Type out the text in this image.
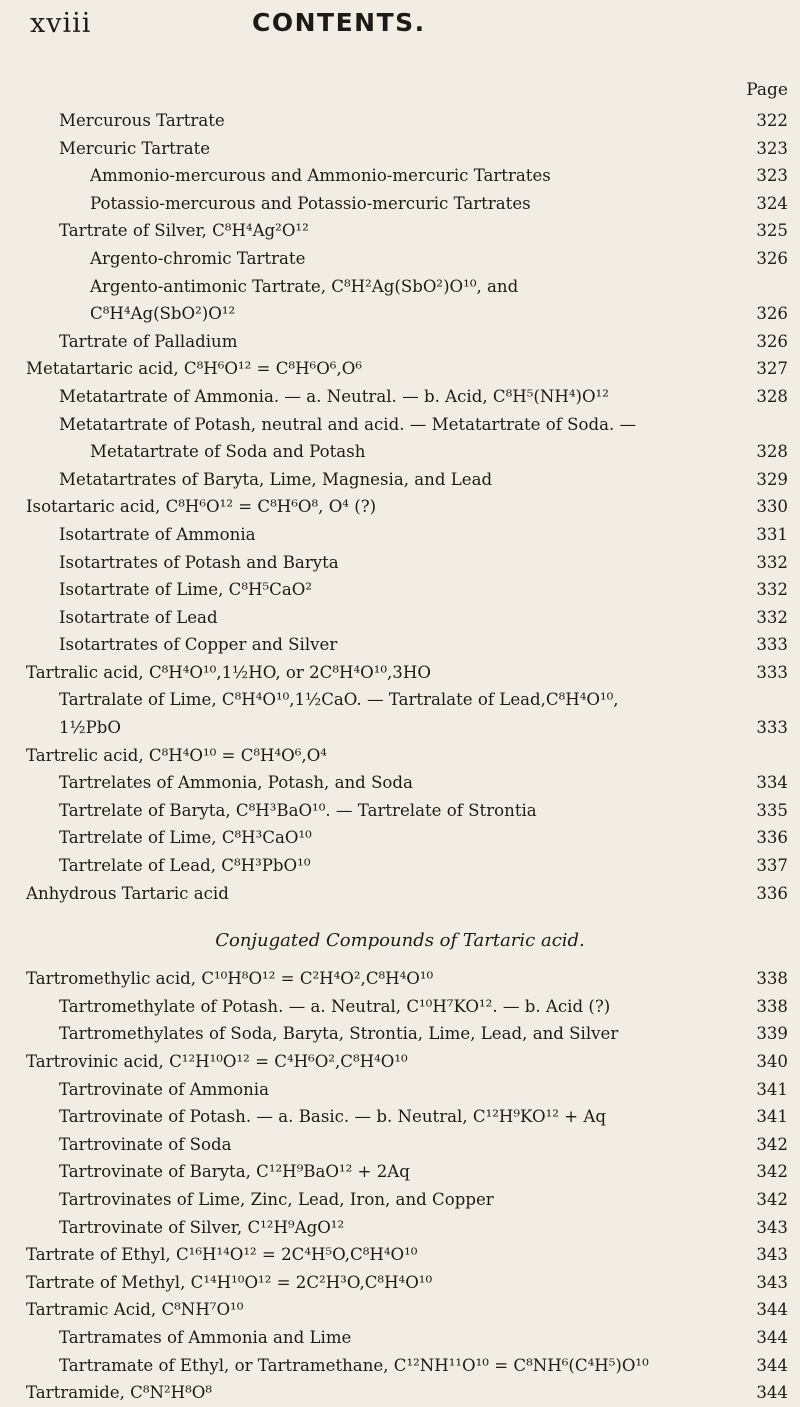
xviii	CONTENTS.
Page
Mercurous Tartrate	322
Mercuric Tartrate	323
Ammonio-mercurous and Ammonio-mercuric Tartrates	323
Potassio-mercurous and Potassio-mercuric Tartrates	324
Tartrate of Silver, C⁸H⁴Ag²O¹²	325
Argento-chromic Tartrate	326
Argento-antimonic Tartrate, C⁸H²Ag(SbO²)O¹⁰, and
C⁸H⁴Ag(SbO²)O¹²	326
Tartrate of Palladium	326
Metatartaric acid, C⁸H⁶O¹² = C⁸H⁶O⁶,O⁶	327
Metatartrate of Ammonia. — a. Neutral. — b. Acid, C⁸H⁵(NH⁴)O¹²	328
Metatartrate of Potash, neutral and acid. — Metatartrate of Soda. —
Metatartrate of Soda and Potash	328
Metatartrates of Baryta, Lime, Magnesia, and Lead	329
Isotartaric acid, C⁸H⁶O¹² = C⁸H⁶O⁸, O⁴ (?)	330
Isotartrate of Ammonia	331
Isotartrates of Potash and Baryta	332
Isotartrate of Lime, C⁸H⁵CaO²	332
Isotartrate of Lead	332
Isotartrates of Copper and Silver	333
Tartralic acid, C⁸H⁴O¹⁰,1½HO, or 2C⁸H⁴O¹⁰,3HO	333
Tartralate of Lime, C⁸H⁴O¹⁰,1½CaO. — Tartralate of Lead,C⁸H⁴O¹⁰,
1½PbO	333
Tartrelic acid, C⁸H⁴O¹⁰ = C⁸H⁴O⁶,O⁴
Tartrelates of Ammonia, Potash, and Soda	334
Tartrelate of Baryta, C⁸H³BaO¹⁰. — Tartrelate of Strontia	335
Tartrelate of Lime, C⁸H³CaO¹⁰	336
Tartrelate of Lead, C⁸H³PbO¹⁰	337
Anhydrous Tartaric acid	336
Conjugated Compounds of Tartaric acid.
Tartromethylic acid, C¹⁰H⁸O¹² = C²H⁴O²,C⁸H⁴O¹⁰	338
Tartromethylate of Potash. — a. Neutral, C¹⁰H⁷KO¹². — b. Acid (?)	338
Tartromethylates of Soda, Baryta, Strontia, Lime, Lead, and Silver	339
Tartrovinic acid, C¹²H¹⁰O¹² = C⁴H⁶O²,C⁸H⁴O¹⁰	340
Tartrovinate of Ammonia	341
Tartrovinate of Potash. — a. Basic. — b. Neutral, C¹²H⁹KO¹² + Aq	341
Tartrovinate of Soda	342
Tartrovinate of Baryta, C¹²H⁹BaO¹² + 2Aq	342
Tartrovinates of Lime, Zinc, Lead, Iron, and Copper	342
Tartrovinate of Silver, C¹²H⁹AgO¹²	343
Tartrate of Ethyl, C¹⁶H¹⁴O¹² = 2C⁴H⁵O,C⁸H⁴O¹⁰	343
Tartrate of Methyl, C¹⁴H¹⁰O¹² = 2C²H³O,C⁸H⁴O¹⁰	343
Tartramic Acid, C⁸NH⁷O¹⁰	344
Tartramates of Ammonia and Lime	344
Tartramate of Ethyl, or Tartramethane, C¹²NH¹¹O¹⁰ = C⁸NH⁶(C⁴H⁵)O¹⁰	344
Tartramide, C⁸N²H⁸O⁸	344
